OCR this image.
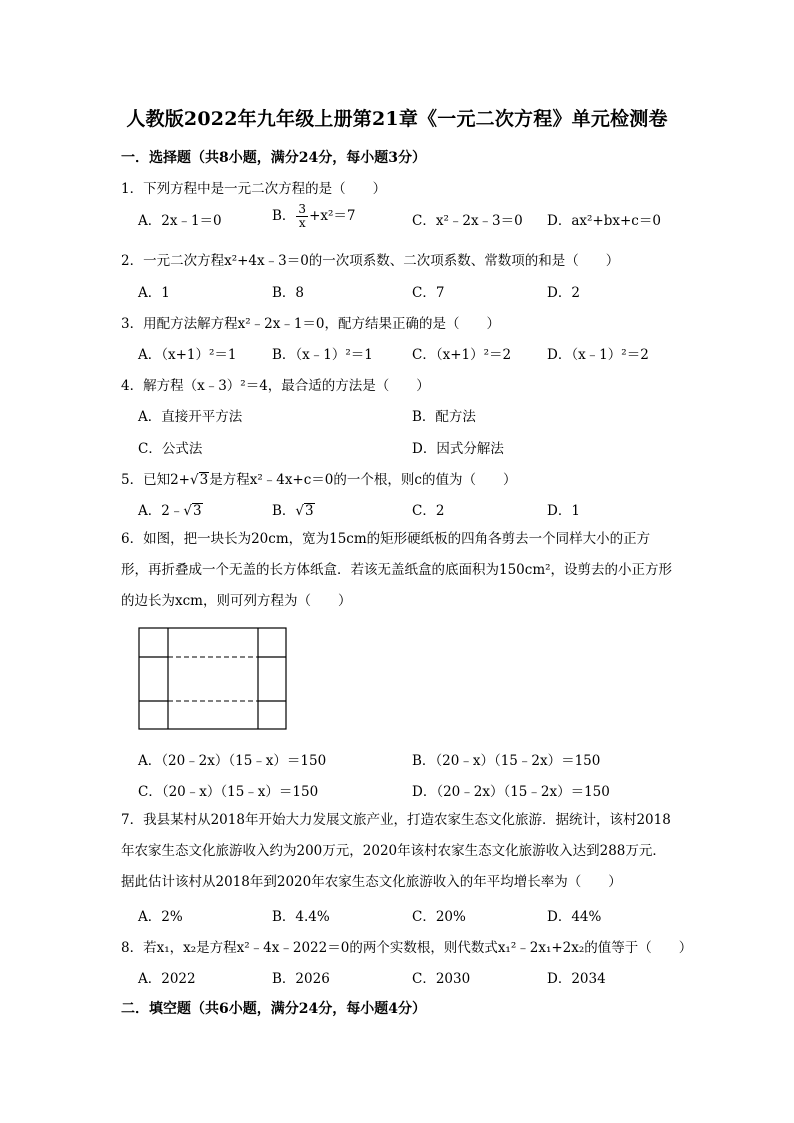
人教版2022年九年级上册第21章《一元二次方程》单元检测卷
一．选择题（共8小题，满分24分，每小题3分）
1．下列方程中是一元二次方程的是（　　）
A．2x﹣1＝0	B． $\frac{3}{x} +x^2=7$	C．x²﹣2x﹣3＝0 D．ax²+bx+c＝0
2．一元二次方程x²+4x﹣3＝0的一次项系数、二次项系数、常数项的和是（　　）
A．1	B．8	C．7	D．2
3．用配方法解方程x²﹣2x﹣1＝0，配方结果正确的是（　　）
A．（x+1）²＝1	B．（x﹣1）²＝1	C．（x+1）²＝2	D．（x﹣1）²＝2
4．解方程（x﹣3）²＝4，最合适的方法是（　　）
A．直接开平方法	B．配方法
C．公式法	D．因式分解法
5．已知2+√3是方程x²﹣4x+c＝0的一个根，则c的值为（　　）
A．2﹣√3	B．√3	C．2	D．1
6．如图，把一块长为20cm，宽为15cm的矩形硬纸板的四角各剪去一个同样大小的正方形，再折叠成一个无盖的长方体纸盒．若该无盖纸盒的底面积为150cm²，设剪去的小正方形的边长为xcm，则可列方程为（　　）
A．（20﹣2x）（15﹣x）＝150	B．（20﹣x）（15﹣2x）＝150
C．（20﹣x）（15﹣x）＝150	D．（20﹣2x）（15﹣2x）＝150
7．我县某村从2018年开始大力发展文旅产业，打造农家生态文化旅游．据统计，该村2018年农家生态文化旅游收入约为200万元，2020年该村农家生态文化旅游收入达到288万元．据此估计该村从2018年到2020年农家生态文化旅游收入的年平均增长率为（　　）
A．2%	B．4.4%	C．20%	D．44%
8．若x₁，x₂是方程x²﹣4x﹣2022＝0的两个实数根，则代数式x₁²﹣2x₁+2x₂的值等于（　　）
A．2022	B．2026	C．2030	D．2034
二．填空题（共6小题，满分24分，每小题4分）
